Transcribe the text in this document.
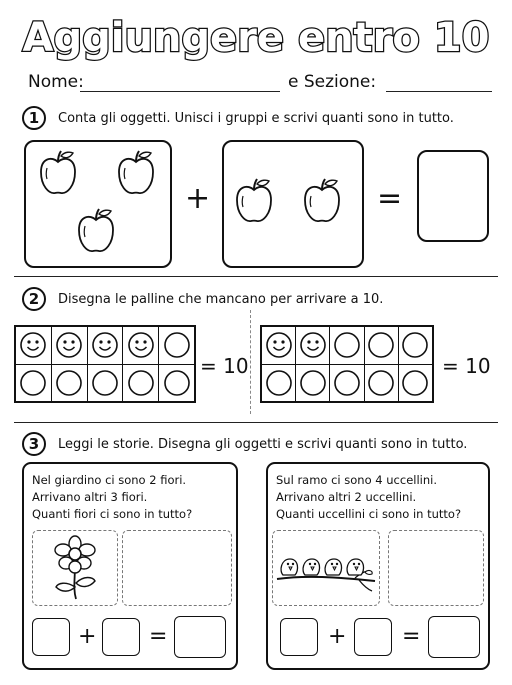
Aggiungere entro 10
Nome:	e Sezione:
1	Conta gli oggetti. Unisci i gruppi e scrivi quanti sono in tutto.
+	=
2	Disegna le palline che mancano per arrivare a 10.

= 10

		= 10
3	Leggi le storie. Disegna gli oggetti e scrivi quanti sono in tutto.
Nel giardino ci sono 2 fiori.
Arrivano altri 3 fiori.
Quanti fiori ci sono in tutto?
+ =
Sul ramo ci sono 4 uccellini.
Arrivano altri 2 uccellini.
Quanti uccellini ci sono in tutto?
+	=
